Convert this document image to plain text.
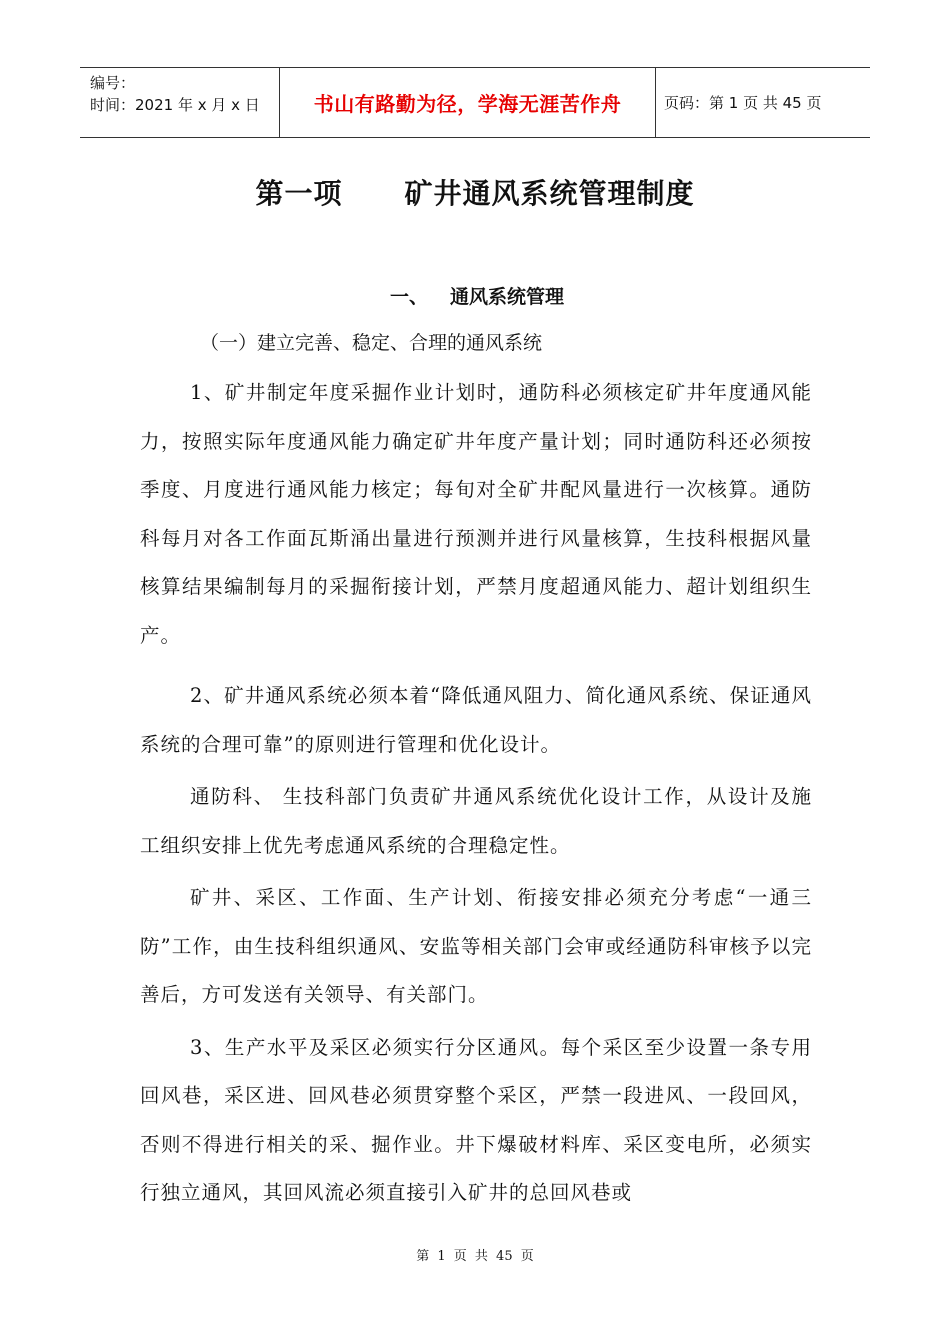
编号：
时间：2021 年 x 月 x 日	书山有路勤为径，学海无涯苦作舟	页码：第 1 页 共 45 页
第一项 矿井通风系统管理制度
一、 通风系统管理
（一）建立完善、稳定、合理的通风系统

1、矿井制定年度采掘作业计划时，通防科必须核定矿井年度通风能力，按照实际年度通风能力确定矿井年度产量计划；同时通防科还必须按季度、月度进行通风能力核定；每旬对全矿井配风量进行一次核算。通防科每月对各工作面瓦斯涌出量进行预测并进行风量核算，生技科根据风量核算结果编制每月的采掘衔接计划，严禁月度超通风能力、超计划组织生产。

2、矿井通风系统必须本着“降低通风阻力、简化通风系统、保证通风系统的合理可靠”的原则进行管理和优化设计。

通防科、 生技科部门负责矿井通风系统优化设计工作，从设计及施工组织安排上优先考虑通风系统的合理稳定性。

矿井、采区、工作面、生产计划、衔接安排必须充分考虑“一通三防”工作，由生技科组织通风、安监等相关部门会审或经通防科审核予以完善后，方可发送有关领导、有关部门。

3、生产水平及采区必须实行分区通风。每个采区至少设置一条专用回风巷，采区进、回风巷必须贯穿整个采区，严禁一段进风、一段回风，否则不得进行相关的采、掘作业。井下爆破材料库、采区变电所，必须实行独立通风，其回风流必须直接引入矿井的总回风巷或

第 1 页 共 45 页
